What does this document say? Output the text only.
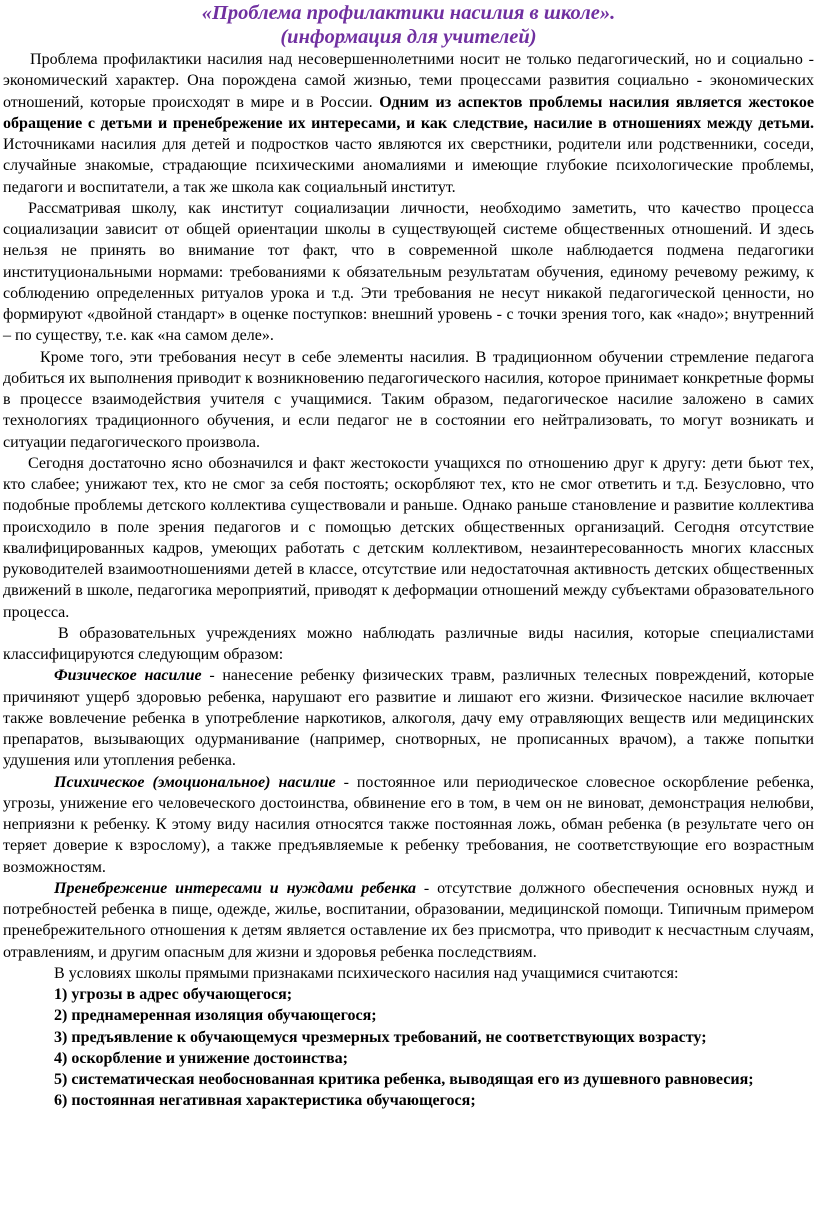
«Проблема профилактики насилия в школе».
(информация для учителей)

Проблема профилактики насилия над несовершеннолетними носит не только педагогический, но и социально - экономический характер. Она порождена самой жизнью, теми процессами развития социально - экономических отношений, которые происходят в мире и в России. Одним из аспектов проблемы насилия является жестокое обращение с детьми и пренебрежение их интересами, и как следствие, насилие в отношениях между детьми. Источниками насилия для детей и подростков часто являются их сверстники, родители или родственники, соседи, случайные знакомые, страдающие психическими аномалиями и имеющие глубокие психологические проблемы, педагоги и воспитатели, а так же школа как социальный институт.

Рассматривая школу, как институт социализации личности, необходимо заметить, что качество процесса социализации зависит от общей ориентации школы в существующей системе общественных отношений. И здесь нельзя не принять во внимание тот факт, что в современной школе наблюдается подмена педагогики институциональными нормами: требованиями к обязательным результатам обучения, единому речевому режиму, к соблюдению определенных ритуалов урока и т.д. Эти требования не несут никакой педагогической ценности, но формируют «двойной стандарт» в оценке поступков: внешний уровень - с точки зрения того, как «надо»; внутренний – по существу, т.е. как «на самом деле».

Кроме того, эти требования несут в себе элементы насилия. В традиционном обучении стремление педагога добиться их выполнения приводит к возникновению педагогического насилия, которое принимает конкретные формы в процессе взаимодействия учителя с учащимися. Таким образом, педагогическое насилие заложено в самих технологиях традиционного обучения, и если педагог не в состоянии его нейтрализовать, то могут возникать и ситуации педагогического произвола.

Сегодня достаточно ясно обозначился и факт жестокости учащихся по отношению друг к другу: дети бьют тех, кто слабее; унижают тех, кто не смог за себя постоять; оскорбляют тех, кто не смог ответить и т.д. Безусловно, что подобные проблемы детского коллектива существовали и раньше. Однако раньше становление и развитие коллектива происходило в поле зрения педагогов и с помощью детских общественных организаций. Сегодня отсутствие квалифицированных кадров, умеющих работать с детским коллективом, незаинтересованность многих классных руководителей взаимоотношениями детей в классе, отсутствие или недостаточная активность детских общественных движений в школе, педагогика мероприятий, приводят к деформации отношений между субъектами образовательного процесса.

В образовательных учреждениях можно наблюдать различные виды насилия, которые специалистами классифицируются следующим образом:

Физическое насилие - нанесение ребенку физических травм, различных телесных повреждений, которые причиняют ущерб здоровью ребенка, нарушают его развитие и лишают его жизни. Физическое насилие включает также вовлечение ребенка в употребление наркотиков, алкоголя, дачу ему отравляющих веществ или медицинских препаратов, вызывающих одурманивание (например, снотворных, не прописанных врачом), а также попытки удушения или утопления ребенка.

Психическое (эмоциональное) насилие - постоянное или периодическое словесное оскорбление ребенка, угрозы, унижение его человеческого достоинства, обвинение его в том, в чем он не виноват, демонстрация нелюбви, неприязни к ребенку. К этому виду насилия относятся также постоянная ложь, обман ребенка (в результате чего он теряет доверие к взрослому), а также предъявляемые к ребенку требования, не соответствующие его возрастным возможностям.

Пренебрежение интересами и нуждами ребенка - отсутствие должного обеспечения основных нужд и потребностей ребенка в пище, одежде, жилье, воспитании, образовании, медицинской помощи. Типичным примером пренебрежительного отношения к детям является оставление их без присмотра, что приводит к несчастным случаям, отравлениям, и другим опасным для жизни и здоровья ребенка последствиям.

В условиях школы прямыми признаками психического насилия над учащимися считаются:

1) угрозы в адрес обучающегося;

2) преднамеренная изоляция обучающегося;

3) предъявление к обучающемуся чрезмерных требований, не соответствующих возрасту;

4) оскорбление и унижение достоинства;

5) систематическая необоснованная критика ребенка, выводящая его из душевного равновесия;

6) постоянная негативная характеристика обучающегося;
